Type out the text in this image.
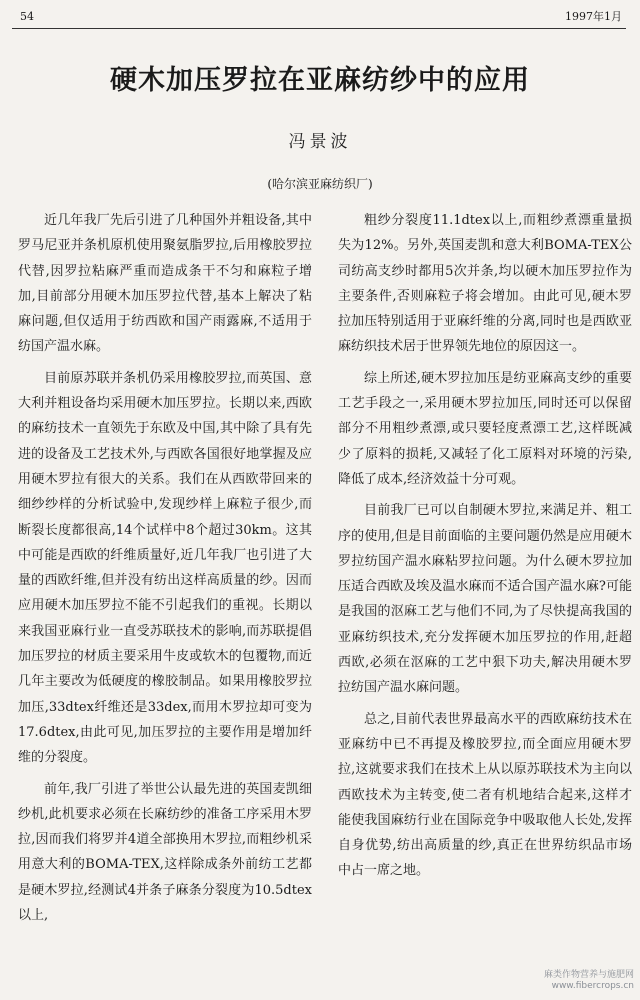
54	1997年1月
硬木加压罗拉在亚麻纺纱中的应用
冯景波
(哈尔滨亚麻纺织厂)

近几年我厂先后引进了几种国外并粗设备,其中罗马尼亚并条机原机使用聚氨脂罗拉,后用橡胶罗拉代替,因罗拉粘麻严重而造成条干不匀和麻粒子增加,目前部分用硬木加压罗拉代替,基本上解决了粘麻问题,但仅适用于纺西欧和国产雨露麻,不适用于纺国产温水麻。

目前原苏联并条机仍采用橡胶罗拉,而英国、意大利并粗设备均采用硬木加压罗拉。长期以来,西欧的麻纺技术一直领先于东欧及中国,其中除了具有先进的设备及工艺技术外,与西欧各国很好地掌握及应用硬木罗拉有很大的关系。我们在从西欧带回来的细纱纱样的分析试验中,发现纱样上麻粒子很少,而断裂长度都很高,14个试样中8个超过30km。这其中可能是西欧的纤维质量好,近几年我厂也引进了大量的西欧纤维,但并没有纺出这样高质量的纱。因而应用硬木加压罗拉不能不引起我们的重视。长期以来我国亚麻行业一直受苏联技术的影响,而苏联提倡加压罗拉的材质主要采用牛皮或软木的包覆物,而近几年主要改为低硬度的橡胶制品。如果用橡胶罗拉加压,33dtex纤维还是33dex,而用木罗拉却可变为17.6dtex,由此可见,加压罗拉的主要作用是增加纤维的分裂度。

前年,我厂引进了举世公认最先进的英国麦凯细纱机,此机要求必须在长麻纺纱的准备工序采用木罗拉,因而我们将罗并4道全部换用木罗拉,而粗纱机采用意大利的BOMA-TEX,这样除成条外前纺工艺都是硬木罗拉,经测试4并条子麻条分裂度为10.5dtex以上,

粗纱分裂度11.1dtex以上,而粗纱煮漂重量损失为12%。另外,英国麦凯和意大利BOMA-TEX公司纺高支纱时都用5次并条,均以硬木加压罗拉作为主要条件,否则麻粒子将会增加。由此可见,硬木罗拉加压特别适用于亚麻纤维的分离,同时也是西欧亚麻纺织技术居于世界领先地位的原因这一。

综上所述,硬木罗拉加压是纺亚麻高支纱的重要工艺手段之一,采用硬木罗拉加压,同时还可以保留部分不用粗纱煮漂,或只要轻度煮漂工艺,这样既减少了原料的损耗,又减轻了化工原料对环境的污染,降低了成本,经济效益十分可观。

目前我厂已可以自制硬木罗拉,来满足并、粗工序的使用,但是目前面临的主要问题仍然是应用硬木罗拉纺国产温水麻粘罗拉问题。为什么硬木罗拉加压适合西欧及埃及温水麻而不适合国产温水麻?可能是我国的沤麻工艺与他们不同,为了尽快提高我国的亚麻纺织技术,充分发挥硬木加压罗拉的作用,赶超西欧,必须在沤麻的工艺中狠下功夫,解决用硬木罗拉纺国产温水麻问题。

总之,目前代表世界最高水平的西欧麻纺技术在亚麻纺中已不再提及橡胶罗拉,而全面应用硬木罗拉,这就要求我们在技术上从以原苏联技术为主向以西欧技术为主转变,使二者有机地结合起来,这样才能使我国麻纺行业在国际竞争中吸取他人长处,发挥自身优势,纺出高质量的纱,真正在世界纺织品市场中占一席之地。

麻类作物营养与施肥网
www.fibercrops.cn
